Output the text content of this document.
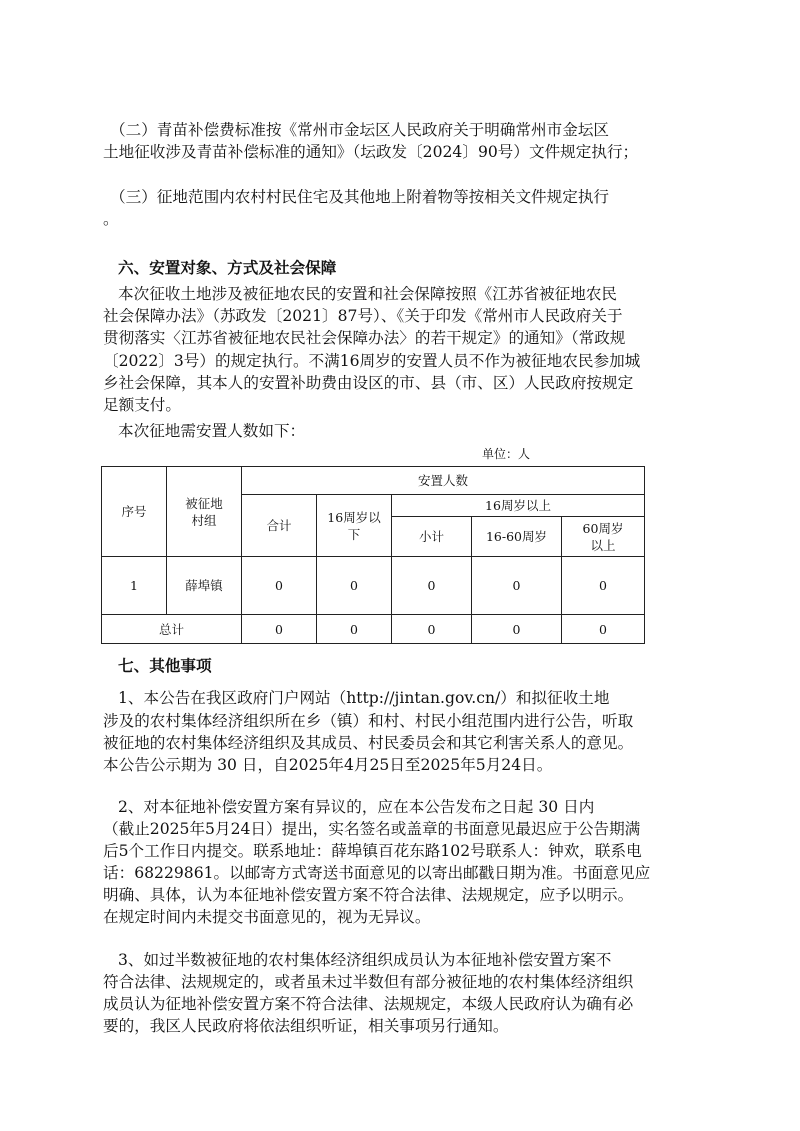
（二）青苗补偿费标准按《常州市金坛区人民政府关于明确常州市金坛区
土地征收涉及青苗补偿标准的通知》（坛政发〔2024〕90号）文件规定执行；
（三）征地范围内农村村民住宅及其他地上附着物等按相关文件规定执行
。
六、安置对象、方式及社会保障
本次征收土地涉及被征地农民的安置和社会保障按照《江苏省被征地农民
社会保障办法》（苏政发〔2021〕87号）、《关于印发《常州市人民政府关于
贯彻落实〈江苏省被征地农民社会保障办法〉的若干规定》的通知》（常政规
〔2022〕3号）的规定执行。不满16周岁的安置人员不作为被征地农民参加城
乡社会保障，其本人的安置补助费由设区的市、县（市、区）人民政府按规定
足额支付。
本次征地需安置人数如下：
单位：人
序号	被征地村组	安置人数				
		合计	16周岁以下	16周岁以上		
				小计	16-60周岁	60周岁以上
1	薛埠镇	0	0	0	0	0
总计		0	0	0	0	0
七、其他事项
1、本公告在我区政府门户网站（http://jintan.gov.cn/）和拟征收土地
涉及的农村集体经济组织所在乡（镇）和村、村民小组范围内进行公告，听取
被征地的农村集体经济组织及其成员、村民委员会和其它利害关系人的意见。
本公告公示期为 30 日，自2025年4月25日至2025年5月24日。
2、对本征地补偿安置方案有异议的，应在本公告发布之日起 30 日内
（截止2025年5月24日）提出，实名签名或盖章的书面意见最迟应于公告期满
后5个工作日内提交。联系地址：薛埠镇百花东路102号联系人：钟欢，联系电
话：68229861。以邮寄方式寄送书面意见的以寄出邮戳日期为准。书面意见应
明确、具体，认为本征地补偿安置方案不符合法律、法规规定，应予以明示。
在规定时间内未提交书面意见的，视为无异议。
3、如过半数被征地的农村集体经济组织成员认为本征地补偿安置方案不
符合法律、法规规定的，或者虽未过半数但有部分被征地的农村集体经济组织
成员认为征地补偿安置方案不符合法律、法规规定，本级人民政府认为确有必
要的，我区人民政府将依法组织听证，相关事项另行通知。
